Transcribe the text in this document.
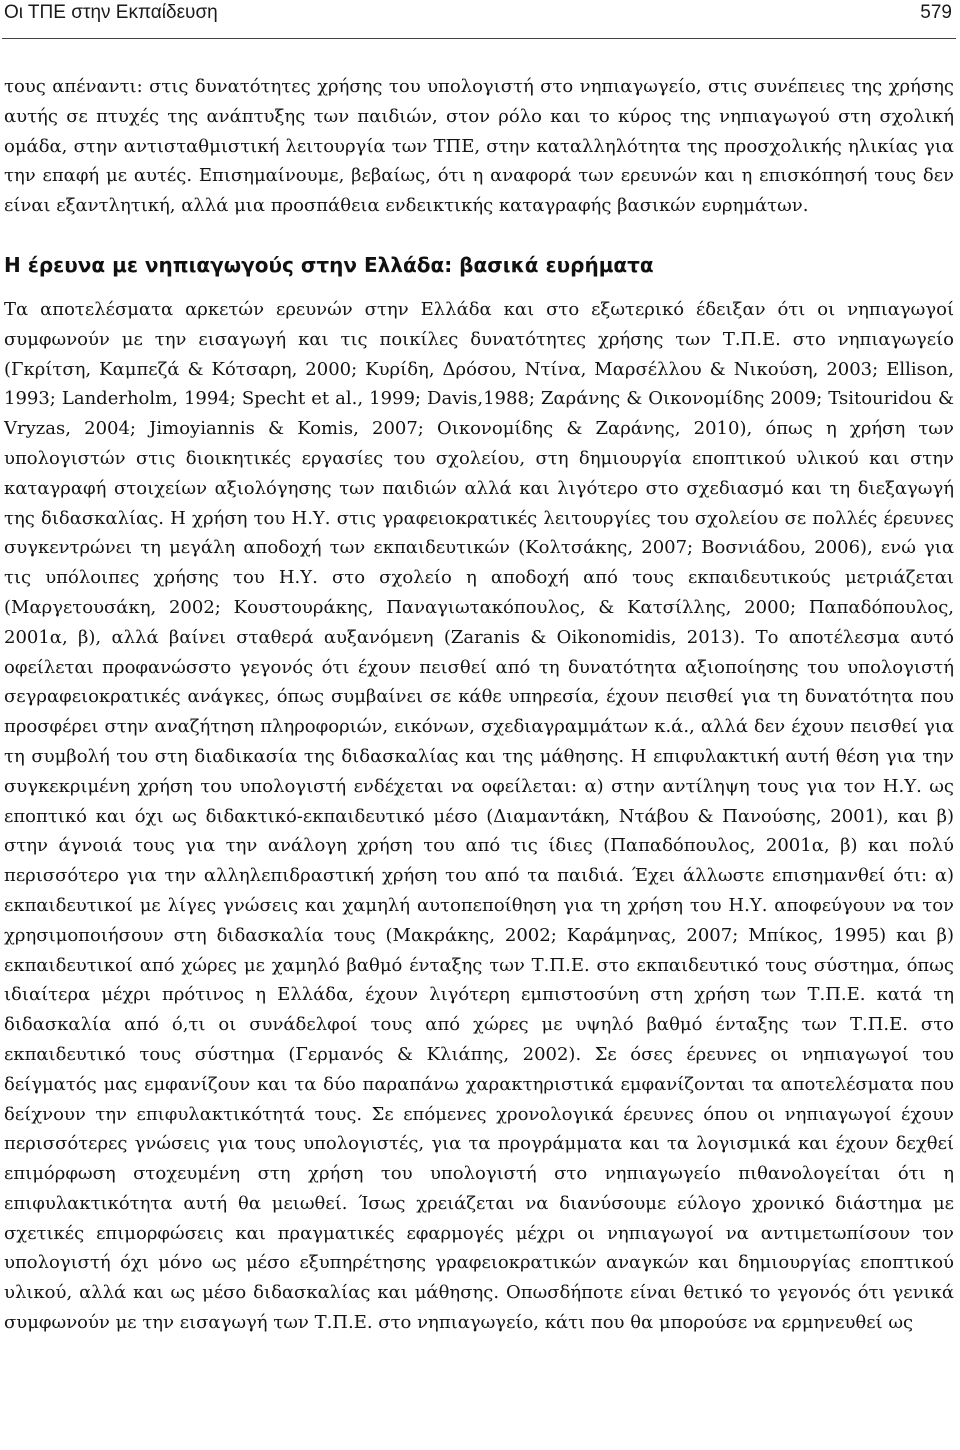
Οι ΤΠΕ στην Εκπαίδευση	579

τους απέναντι: στις δυνατότητες χρήσης του υπολογιστή στο νηπιαγωγείο, στις συνέπειες της χρήσης αυτής σε πτυχές της ανάπτυξης των παιδιών, στον ρόλο και το κύρος της νηπιαγωγού στη σχολική ομάδα, στην αντισταθμιστική λειτουργία των ΤΠΕ, στην καταλληλότητα της προσχολικής ηλικίας για την επαφή με αυτές. Επισημαίνουμε, βεβαίως, ότι η αναφορά των ερευνών και η επισκόπησή τους δεν είναι εξαντλητική, αλλά μια προσπάθεια ενδεικτικής καταγραφής βασικών ευρημάτων.

Η έρευνα με νηπιαγωγούς στην Ελλάδα: βασικά ευρήματα

Τα αποτελέσματα αρκετών ερευνών στην Ελλάδα και στο εξωτερικό έδειξαν ότι οι νηπιαγωγοί συμφωνούν με την εισαγωγή και τις ποικίλες δυνατότητες χρήσης των Τ.Π.Ε. στο νηπιαγωγείο (Γκρίτση, Καμπεζά & Κότσαρη, 2000; Κυρίδη, Δρόσου, Ντίνα, Μαρσέλλου & Νικούση, 2003; Ellison, 1993; Landerholm, 1994; Specht et al., 1999; Davis,1988; Ζαράνης & Οικονομίδης 2009; Tsitouridou & Vryzas, 2004; Jimoyiannis & Komis, 2007; Οικονομίδης & Ζαράνης, 2010), όπως η χρήση των υπολογιστών στις διοικητικές εργασίες του σχολείου, στη δημιουργία εποπτικού υλικού και στην καταγραφή στοιχείων αξιολόγησης των παιδιών αλλά και λιγότερο στο σχεδιασμό και τη διεξαγωγή της διδασκαλίας. Η χρήση του Η.Υ. στις γραφειοκρατικές λειτουργίες του σχολείου σε πολλές έρευνες συγκεντρώνει τη μεγάλη αποδοχή των εκπαιδευτικών (Κολτσάκης, 2007; Βοσνιάδου, 2006), ενώ για τις υπόλοιπες χρήσης του Η.Υ. στο σχολείο η αποδοχή από τους εκπαιδευτικούς μετριάζεται (Μαργετουσάκη, 2002; Κουστουράκης, Παναγιωτακόπουλος, & Κατσίλλης, 2000; Παπαδόπουλος, 2001α, β), αλλά βαίνει σταθερά αυξανόμενη (Zaranis & Oikonomidis, 2013). Το αποτέλεσμα αυτό οφείλεται προφανώσστο γεγονός ότι έχουν πεισθεί από τη δυνατότητα αξιοποίησης του υπολογιστή σεγραφειοκρατικές ανάγκες, όπως συμβαίνει σε κάθε υπηρεσία, έχουν πεισθεί για τη δυνατότητα που προσφέρει στην αναζήτηση πληροφοριών, εικόνων, σχεδιαγραμμάτων κ.ά., αλλά δεν έχουν πεισθεί για τη συμβολή του στη διαδικασία της διδασκαλίας και της μάθησης. Η επιφυλακτική αυτή θέση για την συγκεκριμένη χρήση του υπολογιστή ενδέχεται να οφείλεται: α) στην αντίληψη τους για τον Η.Υ. ως εποπτικό και όχι ως διδακτικό-εκπαιδευτικό μέσο (Διαμαντάκη, Ντάβου & Πανούσης, 2001), και β) στην άγνοιά τους για την ανάλογη χρήση του από τις ίδιες (Παπαδόπουλος, 2001α, β) και πολύ περισσότερο για την αλληλεπιδραστική χρήση του από τα παιδιά. Έχει άλλωστε επισημανθεί ότι: α) εκπαιδευτικοί με λίγες γνώσεις και χαμηλή αυτοπεποίθηση για τη χρήση του Η.Υ. αποφεύγουν να τον χρησιμοποιήσουν στη διδασκαλία τους (Μακράκης, 2002; Καράμηνας, 2007; Μπίκος, 1995) και β) εκπαιδευτικοί από χώρες με χαμηλό βαθμό ένταξης των Τ.Π.Ε. στο εκπαιδευτικό τους σύστημα, όπως ιδιαίτερα μέχρι πρότινος η Ελλάδα, έχουν λιγότερη εμπιστοσύνη στη χρήση των Τ.Π.Ε. κατά τη διδασκαλία από ό,τι οι συνάδελφοί τους από χώρες με υψηλό βαθμό ένταξης των Τ.Π.Ε. στο εκπαιδευτικό τους σύστημα (Γερμανός & Κλιάπης, 2002). Σε όσες έρευνες οι νηπιαγωγοί του δείγματός μας εμφανίζουν και τα δύο παραπάνω χαρακτηριστικά εμφανίζονται τα αποτελέσματα που δείχνουν την επιφυλακτικότητά τους. Σε επόμενες χρονολογικά έρευνες όπου οι νηπιαγωγοί έχουν περισσότερες γνώσεις για τους υπολογιστές, για τα προγράμματα και τα λογισμικά και έχουν δεχθεί επιμόρφωση στοχευμένη στη χρήση του υπολογιστή στο νηπιαγωγείο πιθανολογείται ότι η επιφυλακτικότητα αυτή θα μειωθεί. Ίσως χρειάζεται να διανύσουμε εύλογο χρονικό διάστημα με σχετικές επιμορφώσεις και πραγματικές εφαρμογές μέχρι οι νηπιαγωγοί να αντιμετωπίσουν τον υπολογιστή όχι μόνο ως μέσο εξυπηρέτησης γραφειοκρατικών αναγκών και δημιουργίας εποπτικού υλικού, αλλά και ως μέσο διδασκαλίας και μάθησης. Οπωσδήποτε είναι θετικό το γεγονός ότι γενικά συμφωνούν με την εισαγωγή των Τ.Π.Ε. στο νηπιαγωγείο, κάτι που θα μπορούσε να ερμηνευθεί ως
